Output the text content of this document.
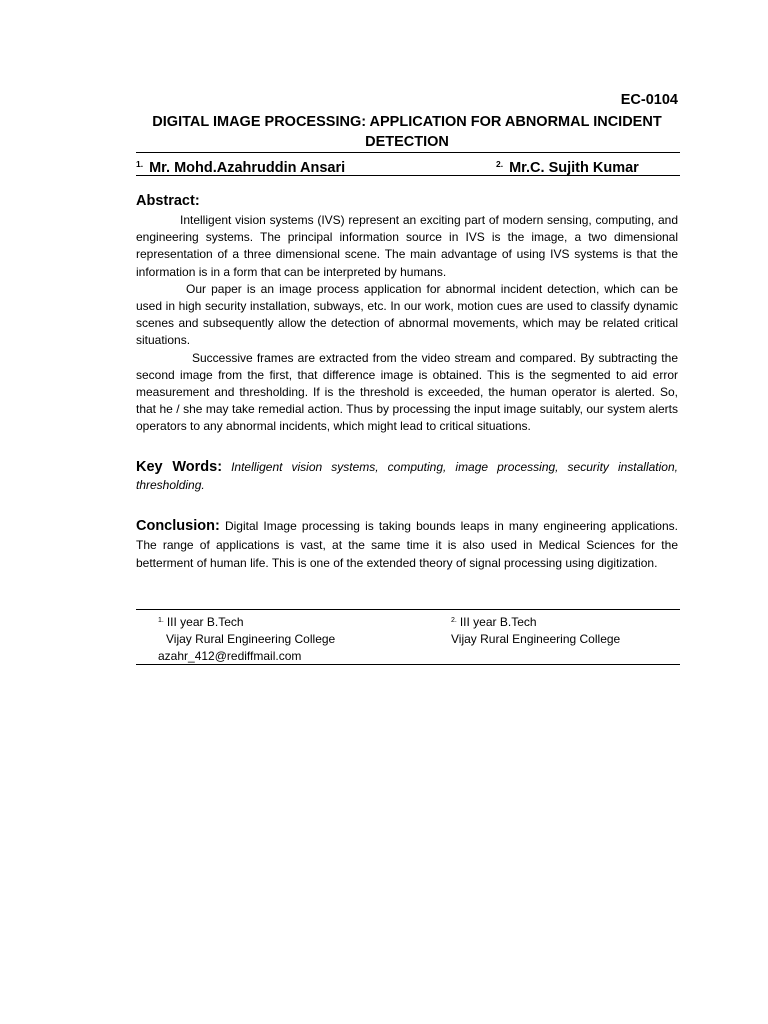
EC-0104
DIGITAL IMAGE PROCESSING: APPLICATION FOR ABNORMAL INCIDENT
DETECTION
$^{1.}$ Mr. Mohd.Azahruddin Ansari	$^{2.}$ Mr.C. Sujith Kumar
Abstract:

Intelligent vision systems (IVS) represent an exciting part of modern sensing, computing, and engineering systems. The principal information source in IVS is the image, a two dimensional representation of a three dimensional scene. The main advantage of using IVS systems is that the information is in a form that can be interpreted by humans.

Our paper is an image process application for abnormal incident detection, which can be used in high security installation, subways, etc. In our work, motion cues are used to classify dynamic scenes and subsequently allow the detection of abnormal movements, which may be related critical situations.

Successive frames are extracted from the video stream and compared. By subtracting the second image from the first, that difference image is obtained. This is the segmented to aid error measurement and thresholding. If is the threshold is exceeded, the human operator is alerted. So, that he / she may take remedial action. Thus by processing the input image suitably, our system alerts operators to any abnormal incidents, which might lead to critical situations.

Key Words: Intelligent vision systems, computing, image processing, security installation, thresholding.
Conclusion: Digital Image processing is taking bounds leaps in many engineering applications. The range of applications is vast, at the same time it is also used in Medical Sciences for the betterment of human life. This is one of the extended theory of signal processing using digitization.
$^{1.}$ III year B.Tech
Vijay Rural Engineering College
azahr_412@rediffmail.com
$^{2.}$ III year B.Tech
Vijay Rural Engineering College
